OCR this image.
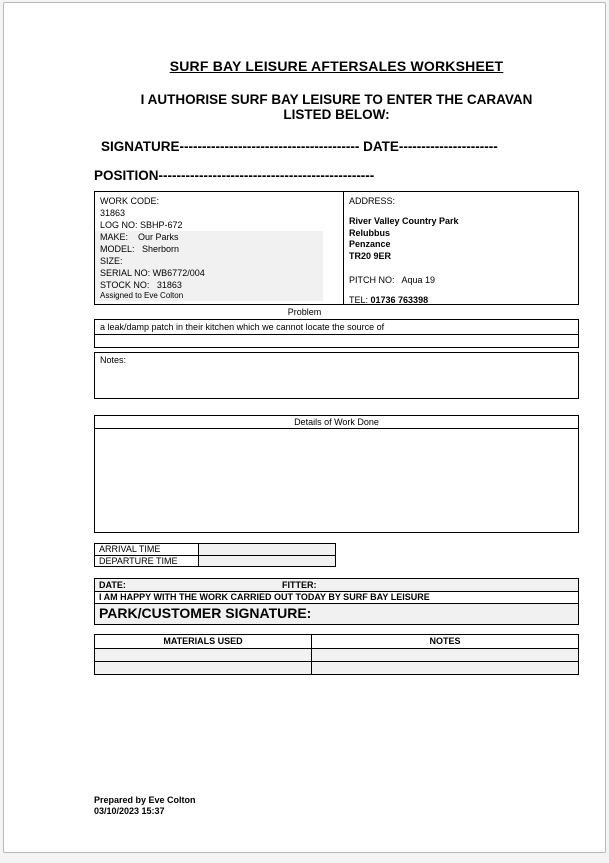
SURF BAY LEISURE AFTERSALES WORKSHEET
I AUTHORISE SURF BAY LEISURE TO ENTER THE CARAVAN
LISTED BELOW:
SIGNATURE---------------------------------------- DATE----------------------
POSITION------------------------------------------------
WORK CODE:
31863
LOG NO: SBHP-672
MAKE:    Our Parks
MODEL:   Sherborn
SIZE:
SERIAL NO: WB6772/004
STOCK NO:   31863
Assigned to Eve Colton
ADDRESS:
River Valley Country Park
Relubbus
Penzance
TR20 9ER
PITCH NO:   Aqua 19
TEL: 01736 763398
Problem
a leak/damp patch in their kitchen which we cannot locate the source of
Notes:
Details of Work Done
ARRIVAL TIME
DEPARTURE TIME
DATE:	FITTER:
I AM HAPPY WITH THE WORK CARRIED OUT TODAY BY SURF BAY LEISURE
PARK/CUSTOMER SIGNATURE:
MATERIALS USED	NOTES
Prepared by Eve Colton
03/10/2023 15:37
